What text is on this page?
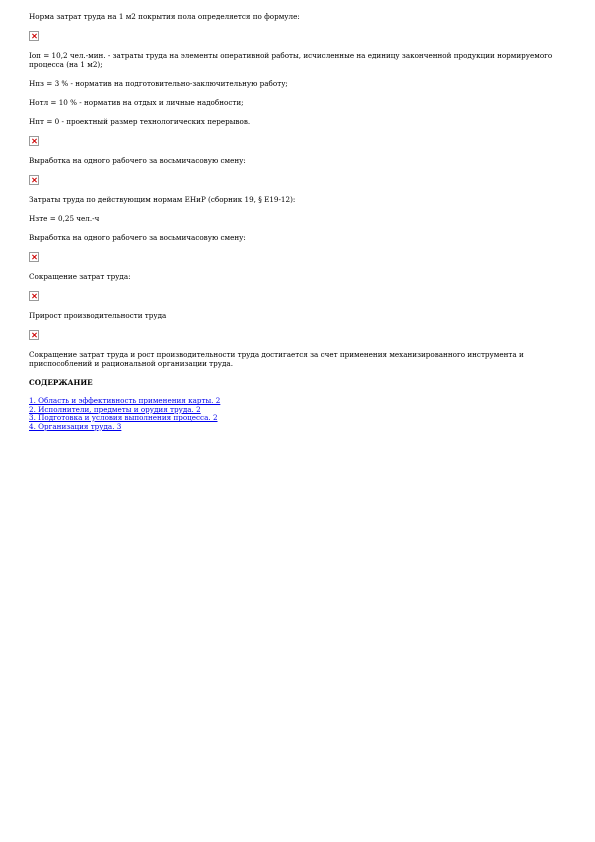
Норма затрат труда на 1 м2 покрытия пола определяется по формуле:

Іоп = 10,2 чел.-мин. - затраты труда на элементы оперативной работы, исчисленные на единицу законченной продукции нормируемого процесса (на 1 м2);

Нпз = 3 % - норматив на подготовительно-заключительную работу;

Нотл = 10 % - норматив на отдых и личные надобности;

Нпт = 0 - проектный размер технологических перерывов.

Выработка на одного рабочего за восьмичасовую смену:

Затраты труда по действующим нормам ЕНиР (сборник 19, § Е19-12):

Нзте = 0,25 чел.-ч

Выработка на одного рабочего за восьмичасовую смену:

Сокращение затрат труда:

Прирост производительности труда

Сокращение затрат труда и рост производительности труда достигается за счет применения механизированного инструмента и приспособлений и рациональной организации труда.

СОДЕРЖАНИЕ

1. Область и эффективность применения карты. 2
2. Исполнители, предметы и орудия труда. 2
3. Подготовка и условия выполнения процесса. 2
4. Организация труда. 3
